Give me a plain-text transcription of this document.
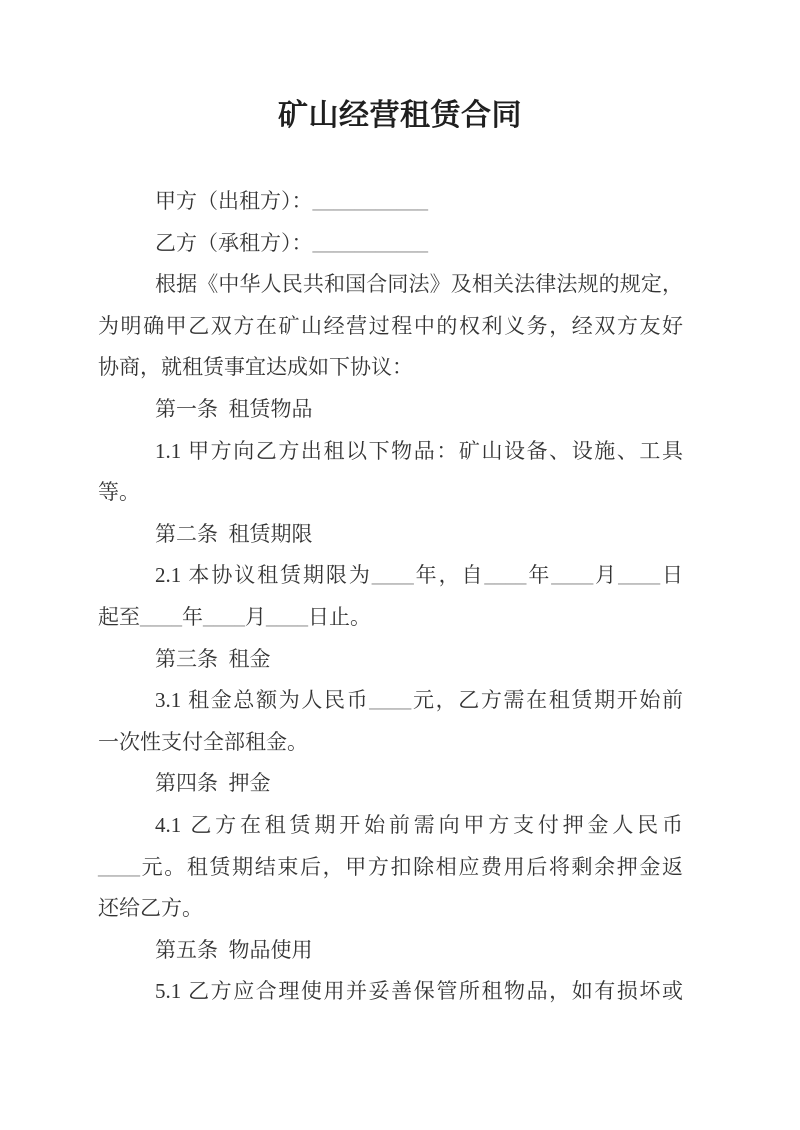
矿山经营租赁合同
甲方（出租方）：___________
乙方（承租方）：___________
根据《中华人民共和国合同法》及相关法律法规的规定，
为明确甲乙双方在矿山经营过程中的权利义务，经双方友好
协商，就租赁事宜达成如下协议：
第一条  租赁物品
1.1 甲方向乙方出租以下物品：矿山设备、设施、工具
等。
第二条  租赁期限
2.1 本协议租赁期限为____年，自____年____月____日
起至____年____月____日止。
第三条  租金
3.1 租金总额为人民币____元，乙方需在租赁期开始前
一次性支付全部租金。
第四条  押金
4.1 乙方在租赁期开始前需向甲方支付押金人民币
____元。租赁期结束后，甲方扣除相应费用后将剩余押金返
还给乙方。
第五条  物品使用
5.1 乙方应合理使用并妥善保管所租物品，如有损坏或
